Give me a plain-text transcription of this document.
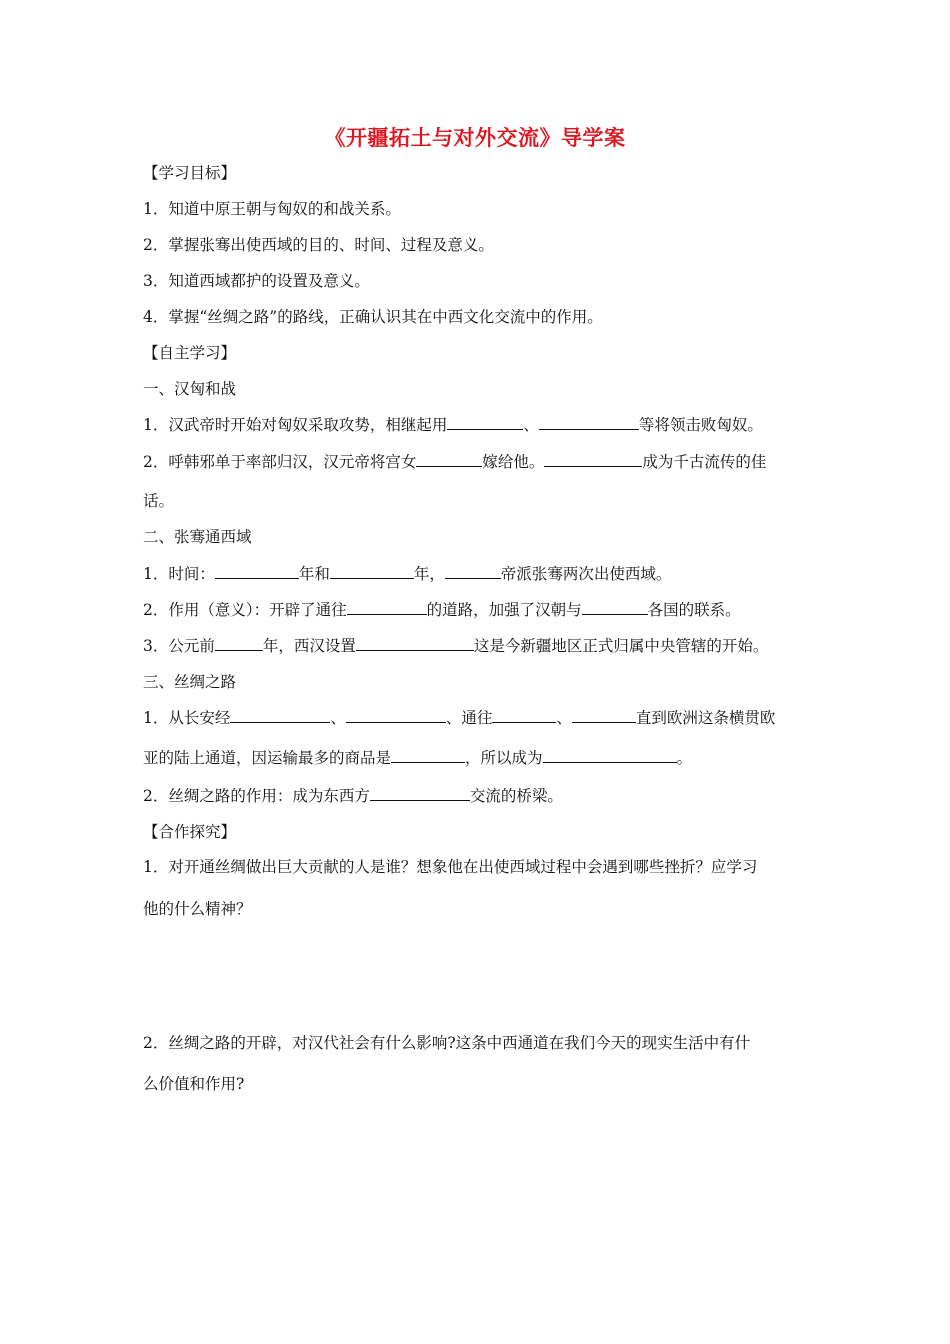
《开疆拓土与对外交流》导学案
【学习目标】
1．知道中原王朝与匈奴的和战关系。
2．掌握张骞出使西域的目的、时间、过程及意义。
3．知道西域都护的设置及意义。
4．掌握“丝绸之路”的路线，正确认识其在中西文化交流中的作用。
【自主学习】
一、汉匈和战
1．汉武帝时开始对匈奴采取攻势，相继起用	、	等将领击败匈奴。
2．呼韩邪单于率部归汉，汉元帝将宫女	嫁给他。	成为千古流传的佳
话。
二、张骞通西域
1．时间：	年和	年，	帝派张骞两次出使西域。
2．作用（意义）：开辟了通往	的道路，加强了汉朝与	各国的联系。
3．公元前	年，西汉设置	这是今新疆地区正式归属中央管辖的开始。
三、丝绸之路
1．从长安经	、	、通往	、	直到欧洲这条横贯欧
亚的陆上通道，因运输最多的商品是	，所以成为	。
2．丝绸之路的作用：成为东西方	交流的桥梁。
【合作探究】
1．对开通丝绸做出巨大贡献的人是谁？想象他在出使西域过程中会遇到哪些挫折？应学习
他的什么精神？
2．丝绸之路的开辟，对汉代社会有什么影响?这条中西通道在我们今天的现实生活中有什
么价值和作用?
